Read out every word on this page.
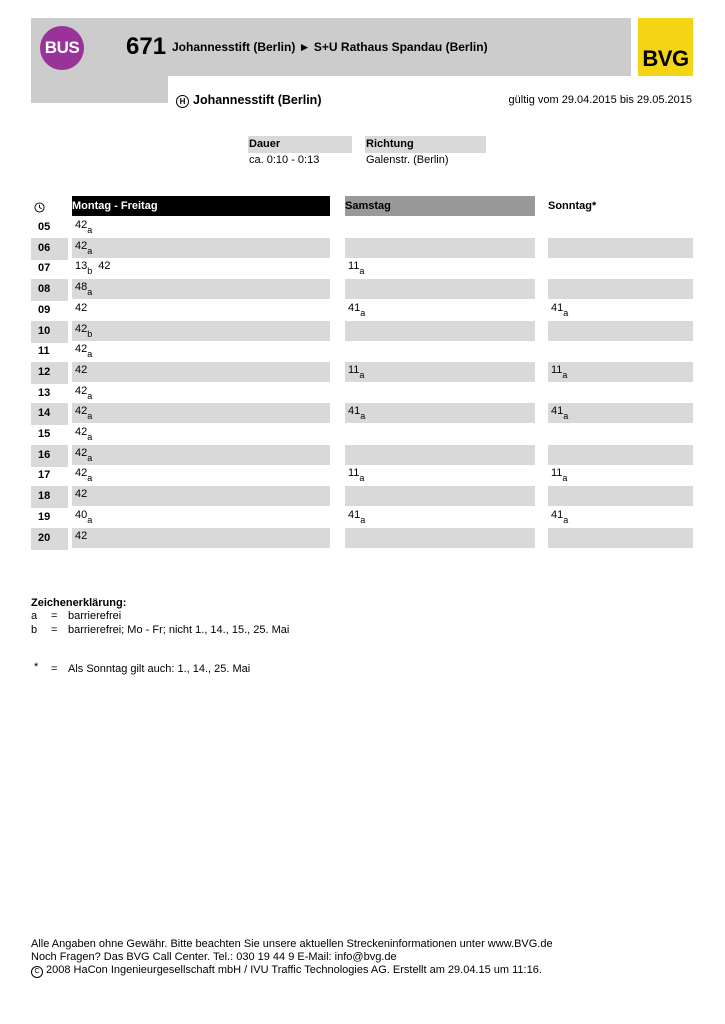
BUS 671 Johannesstift (Berlin) ► S+U Rathaus Spandau (Berlin)	BVG
H Johannesstift (Berlin)	gültig vom 29.04.2015 bis 29.05.2015
Dauer	Richtung
ca. 0:10 - 0:13	Galenstr. (Berlin)
Montag - Freitag	Samstag	Sonntag*
05	$42_a$
06	$42_a$
07	$13_b$ 42	$11_a$
08	$48_a$
09	42	$41_a$	$41_a$
10	$42_b$
11	$42_a$
12	42	$11_a$	$11_a$
13	$42_a$
14	$42_a$	$41_a$	$41_a$
15	$42_a$
16	$42_a$
17	$42_a$	$11_a$	$11_a$
18	42
19	$40_a$	$41_a$	$41_a$
20	42
Zeichenerklärung:
a = barrierefrei
b = barrierefrei; Mo - Fr; nicht 1., 14., 15., 25. Mai
* = Als Sonntag gilt auch: 1., 14., 25. Mai
Alle Angaben ohne Gewähr. Bitte beachten Sie unsere aktuellen Streckeninformationen unter www.BVG.de
Noch Fragen? Das BVG Call Center. Tel.: 030 19 44 9 E-Mail: info@bvg.de
C 2008 HaCon Ingenieurgesellschaft mbH / IVU Traffic Technologies AG. Erstellt am 29.04.15 um 11:16.
